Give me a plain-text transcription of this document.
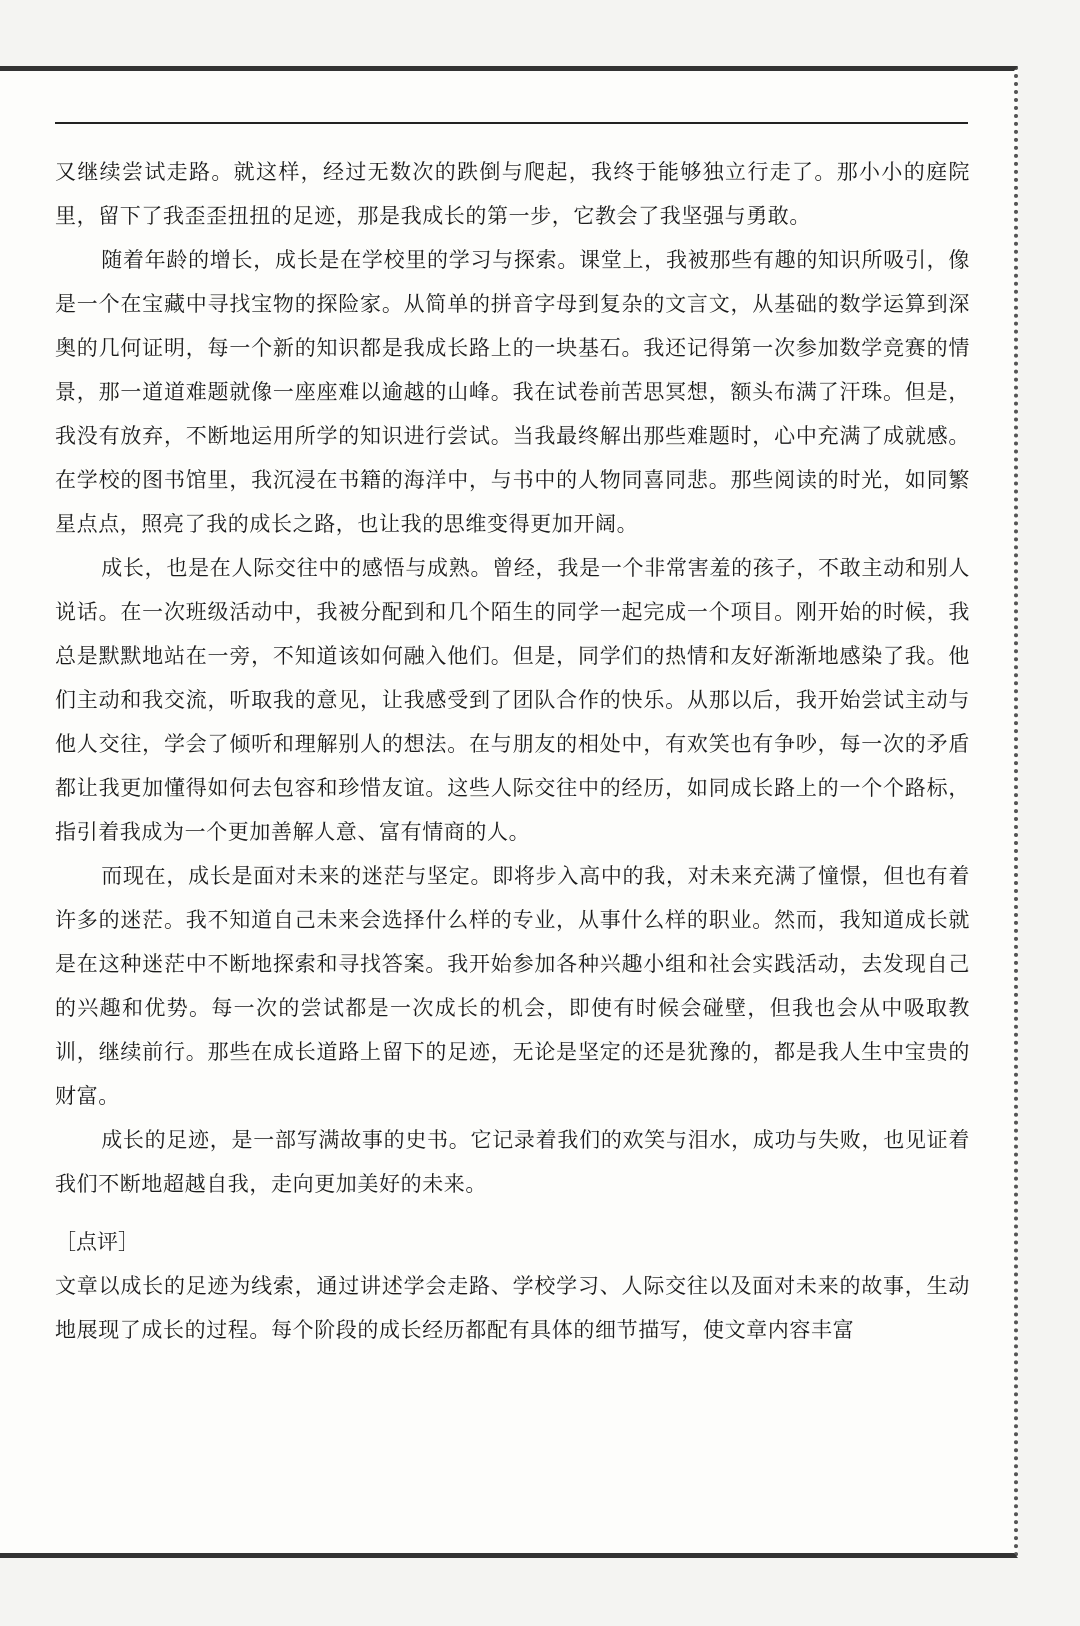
又继续尝试走路。就这样，经过无数次的跌倒与爬起，我终于能够独立行走了。那小小的庭院里，留下了我歪歪扭扭的足迹，那是我成长的第一步，它教会了我坚强与勇敢。

随着年龄的增长，成长是在学校里的学习与探索。课堂上，我被那些有趣的知识所吸引，像是一个在宝藏中寻找宝物的探险家。从简单的拼音字母到复杂的文言文，从基础的数学运算到深奥的几何证明，每一个新的知识都是我成长路上的一块基石。我还记得第一次参加数学竞赛的情景，那一道道难题就像一座座难以逾越的山峰。我在试卷前苦思冥想，额头布满了汗珠。但是，我没有放弃，不断地运用所学的知识进行尝试。当我最终解出那些难题时，心中充满了成就感。在学校的图书馆里，我沉浸在书籍的海洋中，与书中的人物同喜同悲。那些阅读的时光，如同繁星点点，照亮了我的成长之路，也让我的思维变得更加开阔。

成长，也是在人际交往中的感悟与成熟。曾经，我是一个非常害羞的孩子，不敢主动和别人说话。在一次班级活动中，我被分配到和几个陌生的同学一起完成一个项目。刚开始的时候，我总是默默地站在一旁，不知道该如何融入他们。但是，同学们的热情和友好渐渐地感染了我。他们主动和我交流，听取我的意见，让我感受到了团队合作的快乐。从那以后，我开始尝试主动与他人交往，学会了倾听和理解别人的想法。在与朋友的相处中，有欢笑也有争吵，每一次的矛盾都让我更加懂得如何去包容和珍惜友谊。这些人际交往中的经历，如同成长路上的一个个路标，指引着我成为一个更加善解人意、富有情商的人。

而现在，成长是面对未来的迷茫与坚定。即将步入高中的我，对未来充满了憧憬，但也有着许多的迷茫。我不知道自己未来会选择什么样的专业，从事什么样的职业。然而，我知道成长就是在这种迷茫中不断地探索和寻找答案。我开始参加各种兴趣小组和社会实践活动，去发现自己的兴趣和优势。每一次的尝试都是一次成长的机会，即使有时候会碰壁，但我也会从中吸取教训，继续前行。那些在成长道路上留下的足迹，无论是坚定的还是犹豫的，都是我人生中宝贵的财富。

成长的足迹，是一部写满故事的史书。它记录着我们的欢笑与泪水，成功与失败，也见证着我们不断地超越自我，走向更加美好的未来。

［点评］

文章以成长的足迹为线索，通过讲述学会走路、学校学习、人际交往以及面对未来的故事，生动地展现了成长的过程。每个阶段的成长经历都配有具体的细节描写，使文章内容丰富
